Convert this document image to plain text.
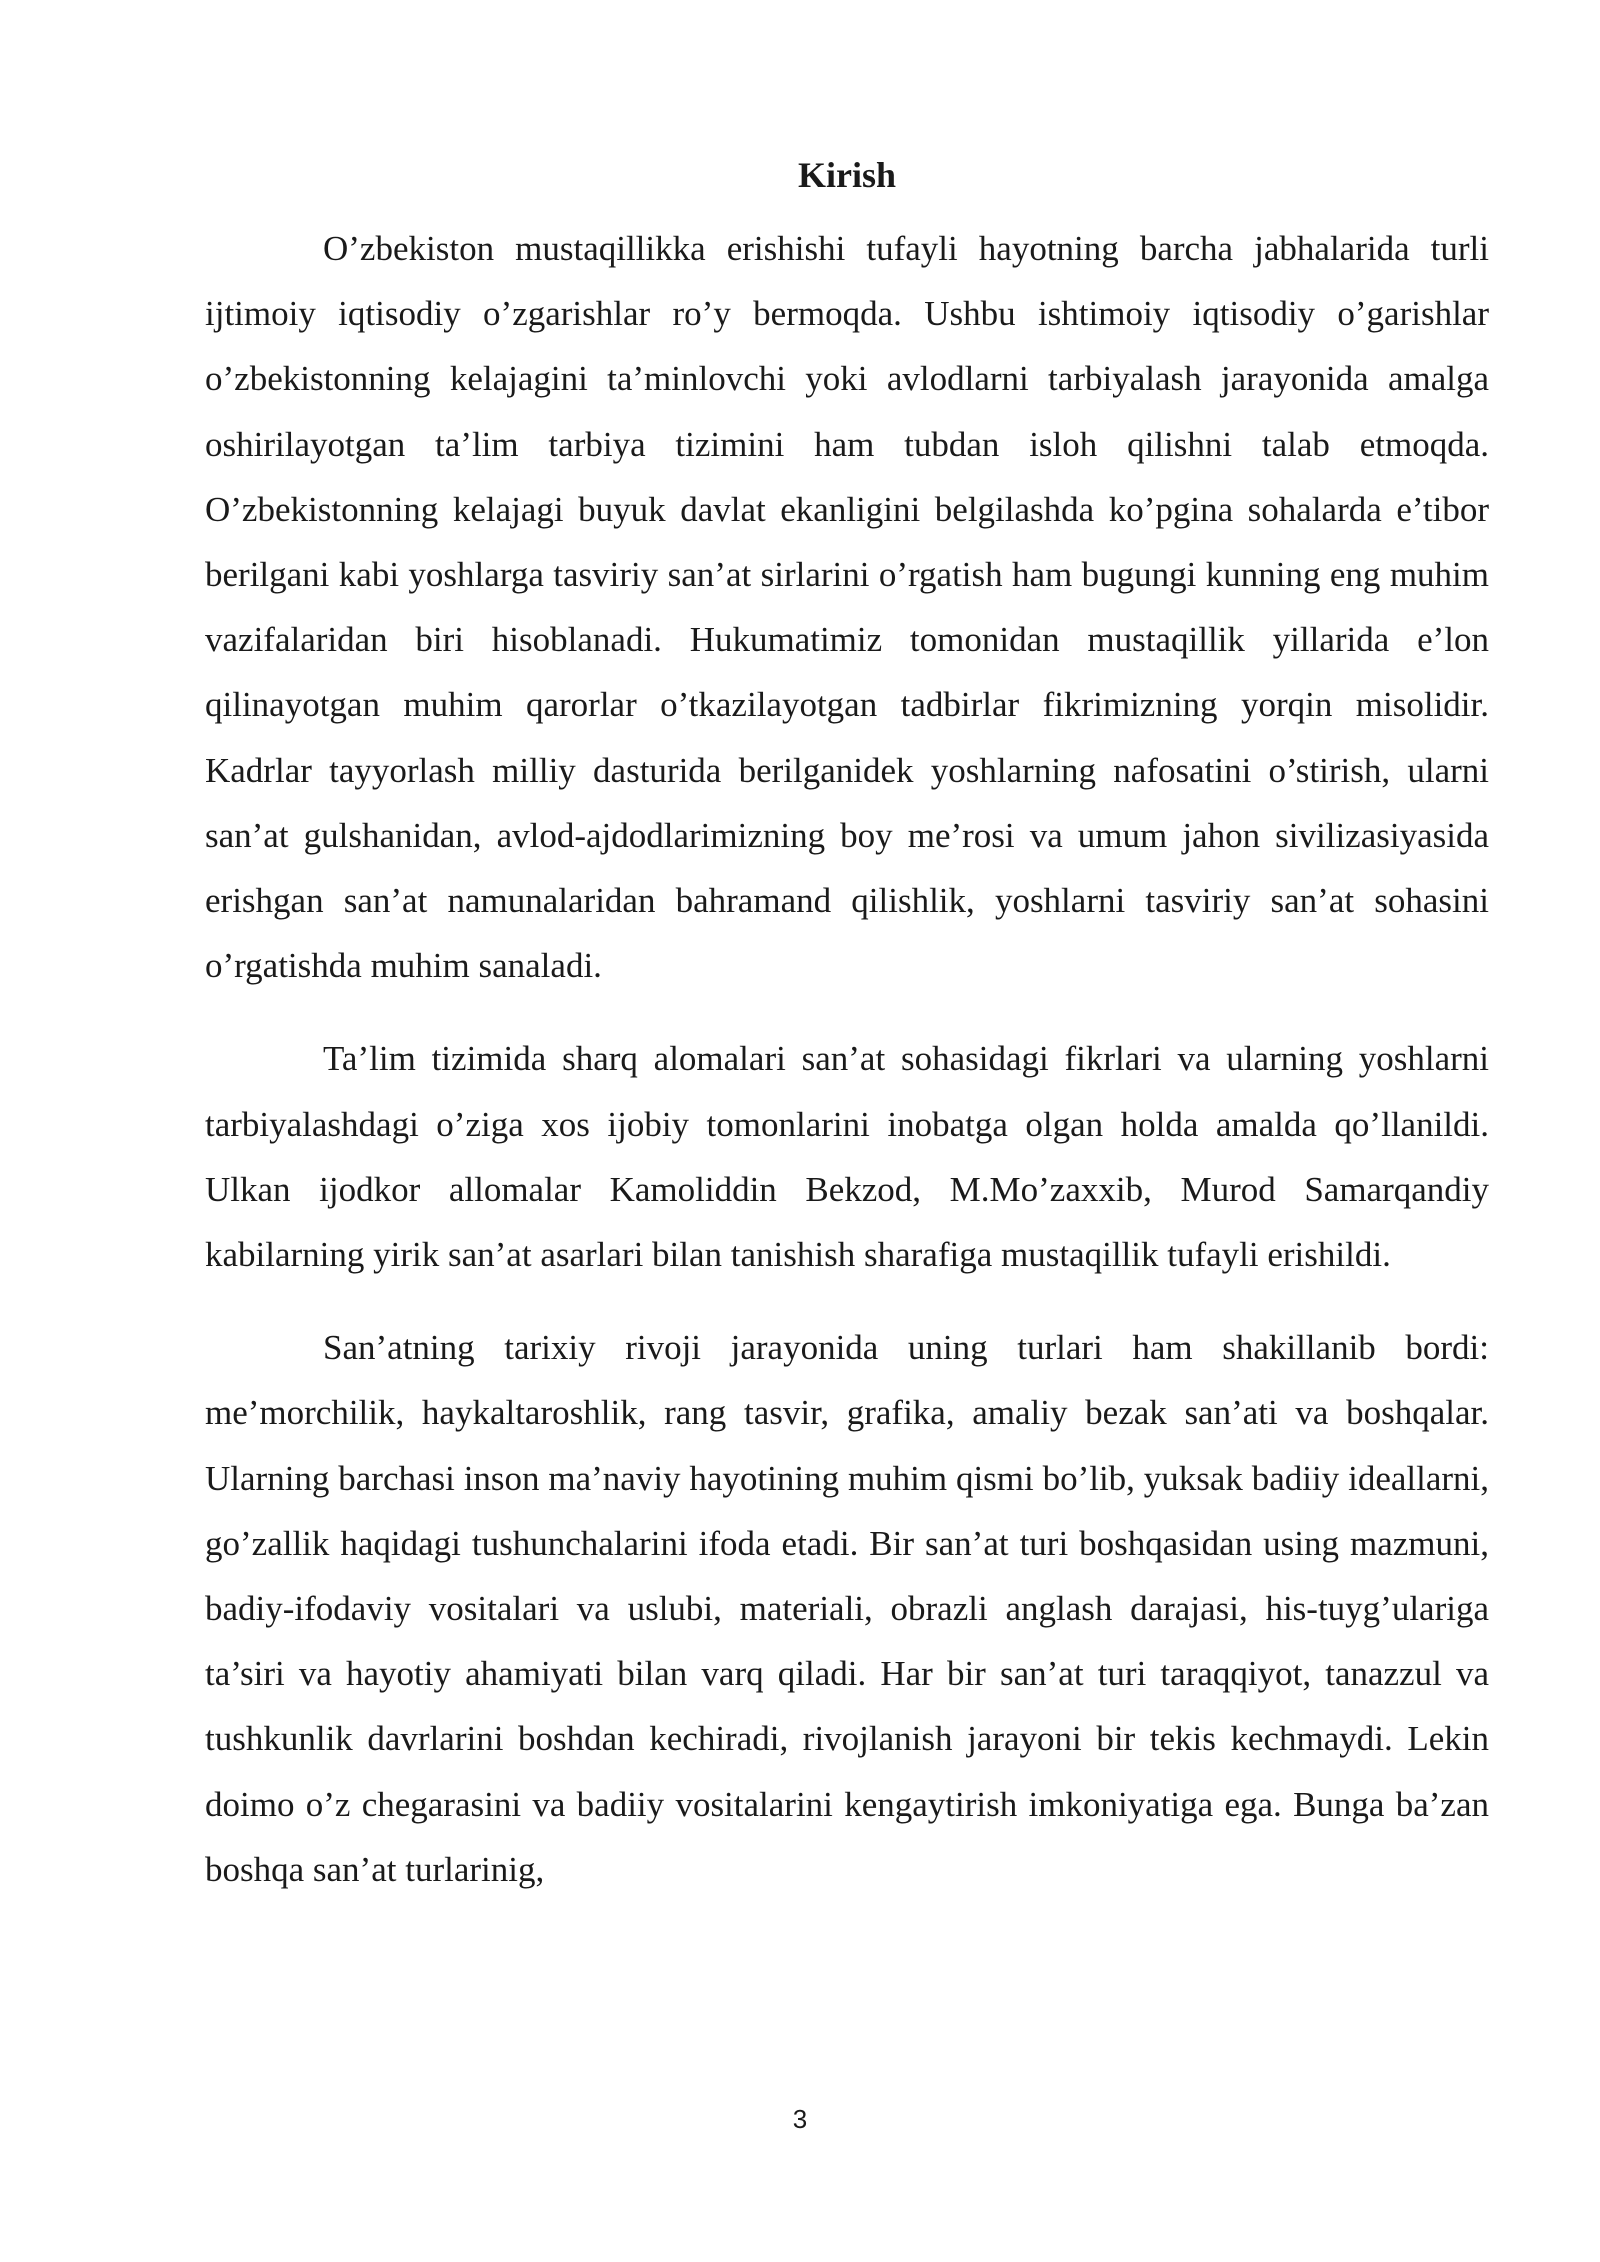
Kirish

O’zbekiston mustaqillikka erishishi tufayli hayotning barcha jabhalarida turli ijtimoiy iqtisodiy o’zgarishlar ro’y bermoqda. Ushbu ishtimoiy iqtisodiy o’garishlar o’zbekistonning kelajagini ta’minlovchi yoki avlodlarni tarbiyalash jarayonida amalga oshirilayotgan ta’lim tarbiya tizimini ham tubdan isloh qilishni talab etmoqda. O’zbekistonning kelajagi buyuk davlat ekanligini belgilashda ko’pgina sohalarda e’tibor berilgani kabi yoshlarga tasviriy san’at sirlarini o’rgatish ham bugungi kunning eng muhim vazifalaridan biri hisoblanadi. Hukumatimiz tomonidan mustaqillik yillarida e’lon qilinayotgan muhim qarorlar o’tkazilayotgan tadbirlar fikrimizning yorqin misolidir. Kadrlar tayyorlash milliy dasturida berilganidek yoshlarning nafosatini o’stirish, ularni san’at gulshanidan, avlod-ajdodlarimizning boy me’rosi va umum jahon sivilizasiyasida erishgan san’at namunalaridan bahramand qilishlik, yoshlarni tasviriy san’at sohasini o’rgatishda muhim sanaladi.

Ta’lim tizimida sharq alomalari san’at sohasidagi fikrlari va ularning yoshlarni tarbiyalashdagi o’ziga xos ijobiy tomonlarini inobatga olgan holda amalda qo’llanildi. Ulkan ijodkor allomalar Kamoliddin Bekzod, M.Mo’zaxxib, Murod Samarqandiy kabilarning yirik san’at asarlari bilan tanishish sharafiga mustaqillik tufayli erishildi.

San’atning tarixiy rivoji jarayonida uning turlari ham shakillanib bordi: me’morchilik, haykaltaroshlik, rang tasvir, grafika, amaliy bezak san’ati va boshqalar. Ularning barchasi inson ma’naviy hayotining muhim qismi bo’lib, yuksak badiiy ideallarni, go’zallik haqidagi tushunchalarini ifoda etadi. Bir san’at turi boshqasidan using mazmuni, badiy-ifodaviy vositalari va uslubi, materiali, obrazli anglash darajasi, his-tuyg’ulariga ta’siri va hayotiy ahamiyati bilan varq qiladi. Har bir san’at turi taraqqiyot, tanazzul va tushkunlik davrlarini boshdan kechiradi, rivojlanish jarayoni bir tekis kechmaydi. Lekin doimo o’z chegarasini va badiiy vositalarini kengaytirish imkoniyatiga ega. Bunga ba’zan boshqa san’at turlarinig,

3
